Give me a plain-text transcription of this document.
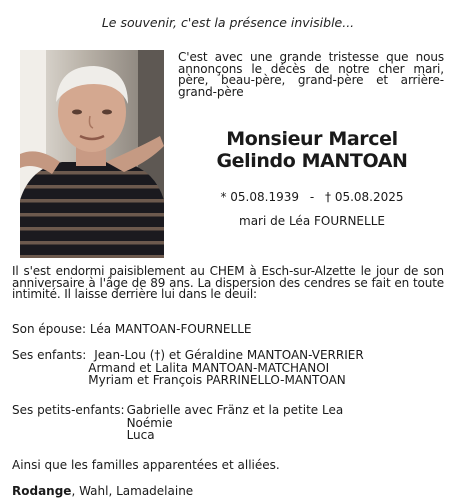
Le souvenir, c'est la présence invisible...
C'est avec une grande tristesse que nous annonçons le décès de notre cher mari, père, beau-père, grand-père et arrière-grand-père
Monsieur Marcel
Gelindo MANTOAN
* 05.08.1939 - † 05.08.2025
mari de Léa FOURNELLE
Il s'est endormi paisiblement au CHEM à Esch-sur-Alzette le jour de son anniversaire à l'âge de 89 ans. La dispersion des cendres se fait en toute intimité. Il laisse derrière lui dans le deuil:
Son épouse:
Léa MANTOAN-FOURNELLE
Ses enfants: Jean-Lou (†) et Géraldine MANTOAN-VERRIER
Armand et Lalita MANTOAN-MATCHANOI
Myriam et François PARRINELLO-MANTOAN
Ses petits-enfants: Gabrielle avec Fränz et la petite Lea
Noémie
Luca
Ainsi que les familles apparentées et alliées.
Rodange, Wahl, Lamadelaine
